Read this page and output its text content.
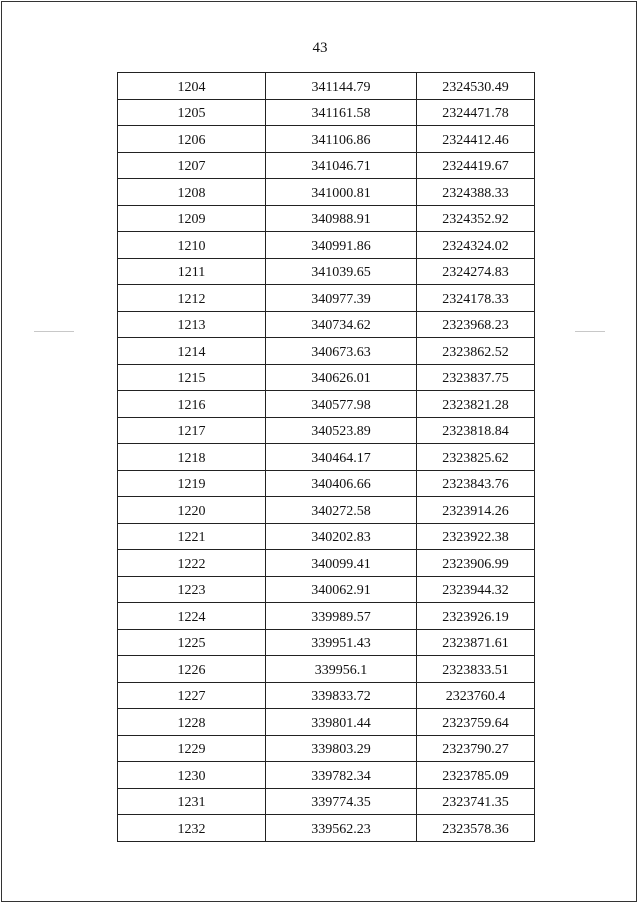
43
1204	341144.79	2324530.49
1205	341161.58	2324471.78
1206	341106.86	2324412.46
1207	341046.71	2324419.67
1208	341000.81	2324388.33
1209	340988.91	2324352.92
1210	340991.86	2324324.02
1211	341039.65	2324274.83
1212	340977.39	2324178.33
1213	340734.62	2323968.23
1214	340673.63	2323862.52
1215	340626.01	2323837.75
1216	340577.98	2323821.28
1217	340523.89	2323818.84
1218	340464.17	2323825.62
1219	340406.66	2323843.76
1220	340272.58	2323914.26
1221	340202.83	2323922.38
1222	340099.41	2323906.99
1223	340062.91	2323944.32
1224	339989.57	2323926.19
1225	339951.43	2323871.61
1226	339956.1	2323833.51
1227	339833.72	2323760.4
1228	339801.44	2323759.64
1229	339803.29	2323790.27
1230	339782.34	2323785.09
1231	339774.35	2323741.35
1232	339562.23	2323578.36
